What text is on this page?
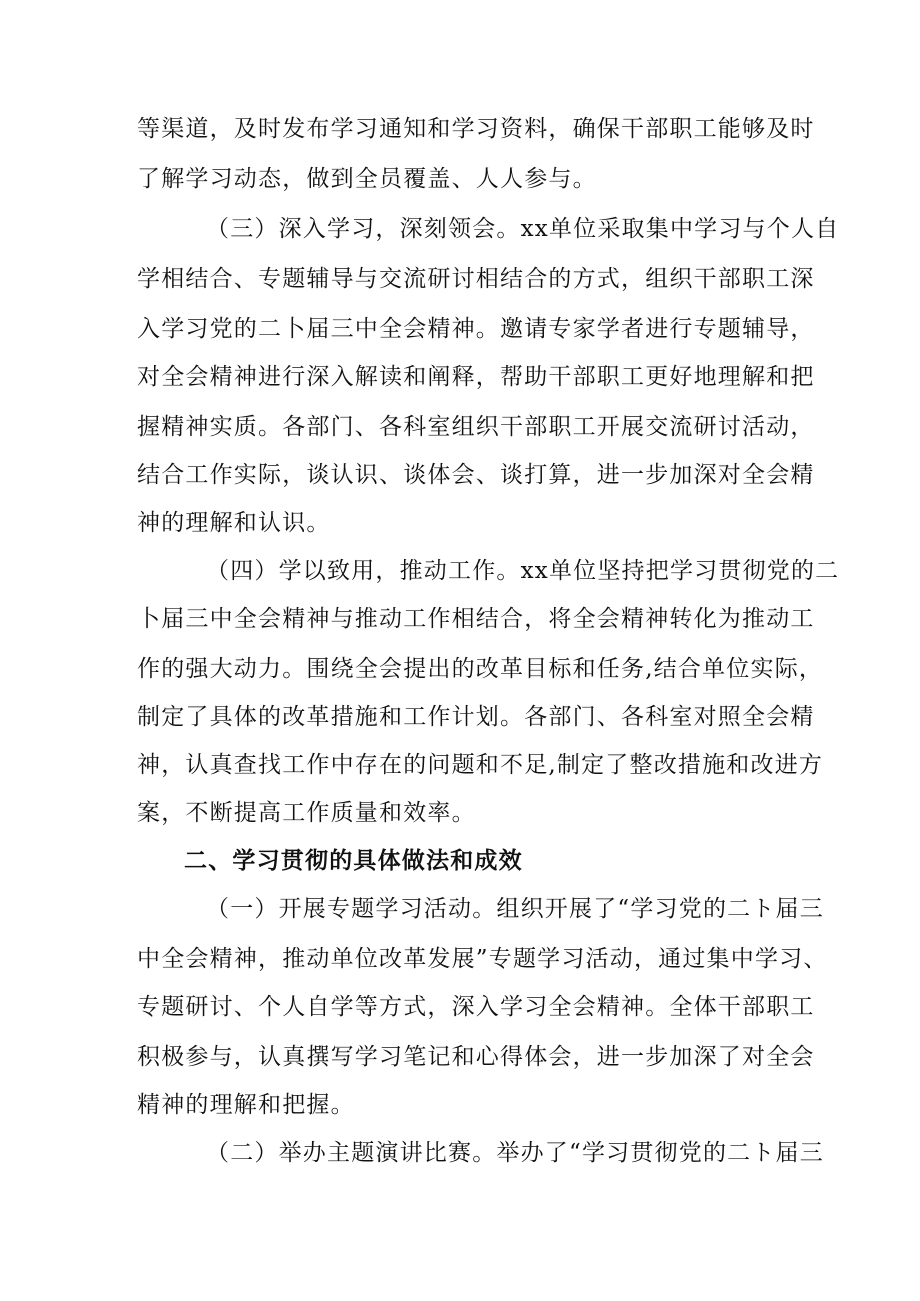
等渠道，及时发布学习通知和学习资料，确保干部职工能够及时

了解学习动态，做到全员覆盖、人人参与。

（三）深入学习，深刻领会。xx单位采取集中学习与个人自

学相结合、专题辅导与交流研讨相结合的方式，组织干部职工深

入学习党的二卜届三中全会精神。邀请专家学者进行专题辅导，

对全会精神进行深入解读和阐释，帮助干部职工更好地理解和把

握精神实质。各部门、各科室组织干部职工开展交流研讨活动，

结合工作实际，谈认识、谈体会、谈打算，进一步加深对全会精

神的理解和认识。

（四）学以致用，推动工作。xx单位坚持把学习贯彻党的二

卜届三中全会精神与推动工作相结合，将全会精神转化为推动工

作的强大动力。围绕全会提出的改革目标和任务,结合单位实际，

制定了具体的改革措施和工作计划。各部门、各科室对照全会精

神，认真查找工作中存在的问题和不足,制定了整改措施和改进方

案，不断提高工作质量和效率。

二、学习贯彻的具体做法和成效

（一）开展专题学习活动。组织开展了“学习党的二ト届三

中全会精神，推动单位改革发展”专题学习活动，通过集中学习、

专题研讨、个人自学等方式，深入学习全会精神。全体干部职工

积极参与，认真撰写学习笔记和心得体会，进一步加深了对全会

精神的理解和把握。

（二）举办主题演讲比赛。举办了“学习贯彻党的二ト届三
